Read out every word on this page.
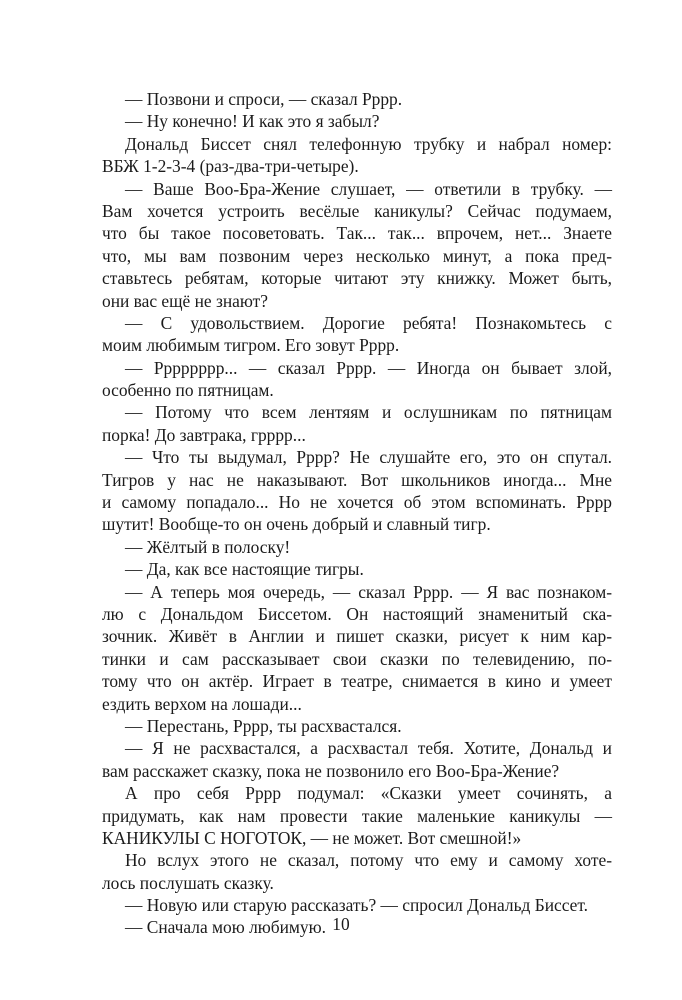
— Позвони и спроси, — сказал Рррр.
— Ну конечно! И как это я забыл?
Дональд Биссет снял телефонную трубку и набрал номер:
ВБЖ 1-2-3-4 (раз-два-три-четыре).
— Ваше Воо-Бра-Жение слушает, — ответили в трубку. —
Вам хочется устроить весёлые каникулы? Сейчас подумаем,
что бы такое посоветовать. Так... так... впрочем, нет... Знаете
что, мы вам позвоним через несколько минут, а пока пред-
ставьтесь ребятам, которые читают эту книжку. Может быть,
они вас ещё не знают?
— С удовольствием. Дорогие ребята! Познакомьтесь с
моим любимым тигром. Его зовут Рррр.
— Рррррррр... — сказал Рррр. — Иногда он бывает злой,
особенно по пятницам.
— Потому что всем лентяям и ослушникам по пятницам
порка! До завтрака, грррр...
— Что ты выдумал, Рррр? Не слушайте его, это он спутал.
Тигров у нас не наказывают. Вот школьников иногда... Мне
и самому попадало... Но не хочется об этом вспоминать. Рррр
шутит! Вообще-то он очень добрый и славный тигр.
— Жёлтый в полоску!
— Да, как все настоящие тигры.
— А теперь моя очередь, — сказал Рррр. — Я вас познаком-
лю с Дональдом Биссетом. Он настоящий знаменитый ска-
зочник. Живёт в Англии и пишет сказки, рисует к ним кар-
тинки и сам рассказывает свои сказки по телевидению, по-
тому что он актёр. Играет в театре, снимается в кино и умеет
ездить верхом на лошади...
— Перестань, Рррр, ты расхвастался.
— Я не расхвастался, а расхвастал тебя. Хотите, Дональд и
вам расскажет сказку, пока не позвонило его Воо-Бра-Жение?
А про себя Рррр подумал: «Сказки умеет сочинять, а
придумать, как нам провести такие маленькие каникулы —
КАНИКУЛЫ С НОГОТОК, — не может. Вот смешной!»
Но вслух этого не сказал, потому что ему и самому хоте-
лось послушать сказку.
— Новую или старую рассказать? — спросил Дональд Биссет.
— Сначала мою любимую. 10
